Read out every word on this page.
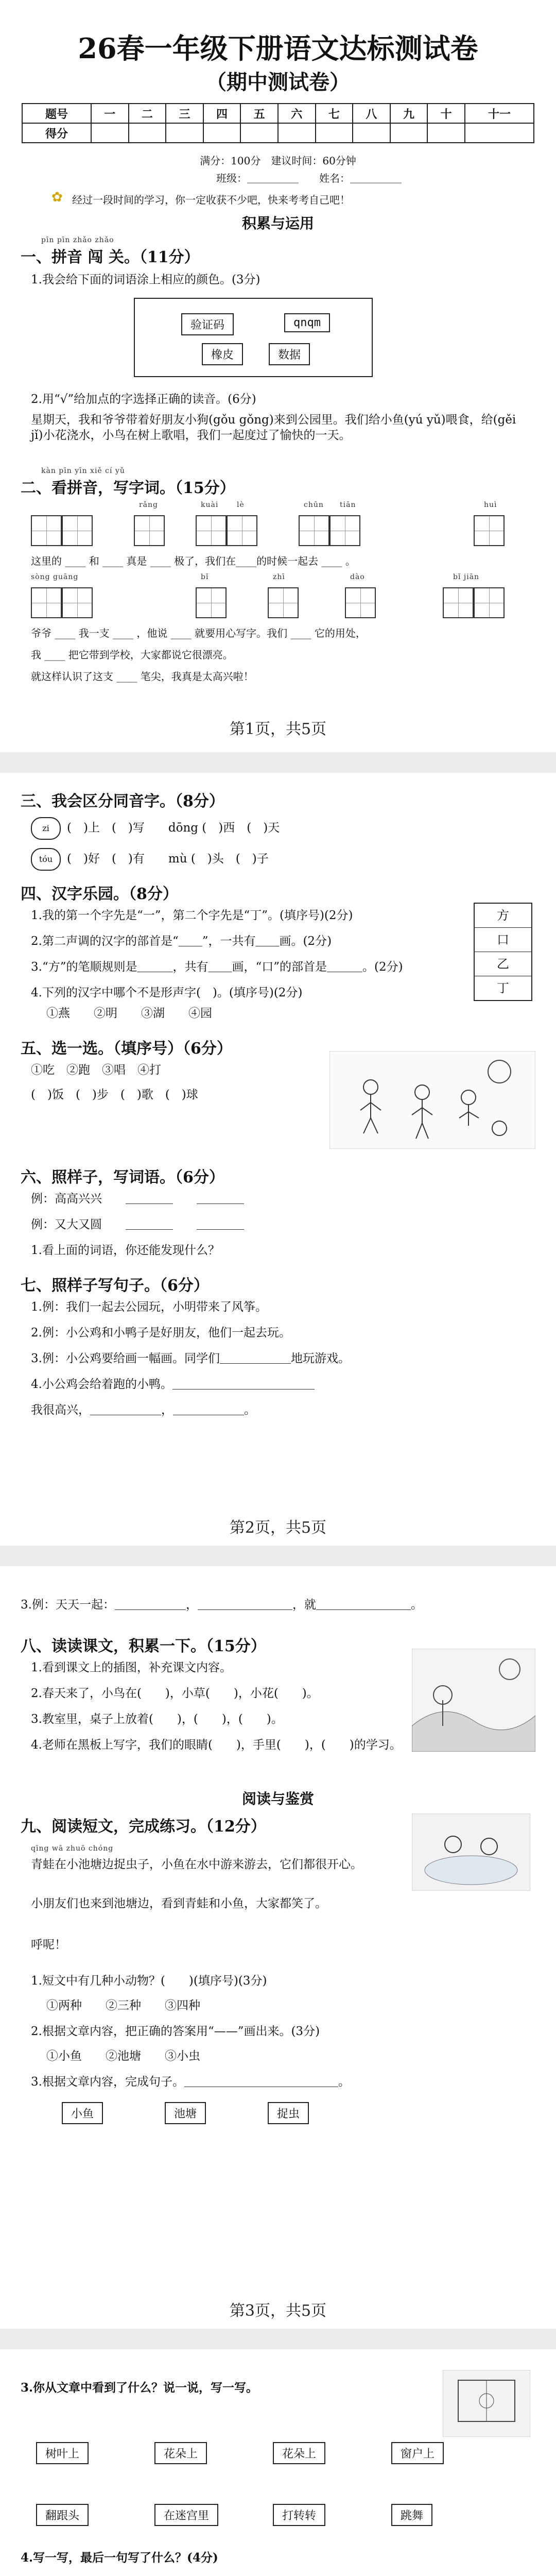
26春一年级下册语文达标测试卷
（期中测试卷）
题号	一	二	三	四	五	六	七	八	九	十	十一
得分											
满分：100分　建议时间：60分钟
班级：＿＿＿＿＿　　姓名：＿＿＿＿＿
✿ 经过一段时间的学习，你一定收获不少吧，快来考考自己吧！
积累与运用
pīn pīn zhǎo zhǎo
一、拼音 闯 关。（11分）
1.我会给下面的词语涂上相应的颜色。(3分)
验证码	qnqm
橡皮	数据
2.用“√”给加点的字选择正确的读音。(6分)
星期天，我和爷爷带着好朋友小狗(gǒu gǒng)来到公园里。我们给小鱼(yú yǔ)喂食，给(gěi jǐ)小花浇水，小鸟在树上歌唱，我们一起度过了愉快的一天。
kàn pīn yīn xiě cí yǔ
二、看拼音，写字词。（15分）
rǎng	kuài	lè	chūn tiān	huì
这里的 ____ 和 ____ 真是 ____ 极了，我们在____的时候一起去 ____ 。
sòng guāng	bǐ	zhī	dào	bǐ jiān
爷爷 ____ 我一支 ____ ，他说 ____ 就要用心写字。我们 ____ 它的用处，
我 ____ 把它带到学校，大家都说它很漂亮。
就这样认识了这支 ____ 笔尖，我真是太高兴啦！
第1页，共5页
三、我会区分同音字。（8分）
zi	(　)上　(　)写　　dōng (　)西　(　)天
tóu	(　)好　(　)有　　mù (　)头　(　)子
四、汉字乐园。（8分）
1.我的第一个字先是“一”，第二个字先是“丁”。(填序号)(2分)
2.第二声调的汉字的部首是“＿＿”，一共有＿＿画。(2分)
3.“方”的笔顺规则是＿＿＿，共有＿＿画，“口”的部首是＿＿＿。(2分)
4.下列的汉字中哪个不是形声字(　)。(填序号)(2分)
①燕　　②明　　③湖　　④园
方
口
乙
丁
五、选一选。（填序号）（6分）
①吃　②跑　③唱　④打
(　)饭　(　)步　(　)歌　(　)球
六、照样子，写词语。（6分）
例：高高兴兴　　＿＿＿＿　　＿＿＿＿
例：又大又圆　　＿＿＿＿　　＿＿＿＿
1.看上面的词语，你还能发现什么？
七、照样子写句子。（6分）
1.例：我们一起去公园玩，小明带来了风筝。
2.例：小公鸡和小鸭子是好朋友，他们一起去玩。
3.例：小公鸡要给画一幅画。同学们＿＿＿＿＿＿地玩游戏。
4.小公鸡会给着跑的小鸭。＿＿＿＿＿＿＿＿＿＿＿＿
我很高兴，＿＿＿＿＿＿，＿＿＿＿＿＿。
第2页，共5页
3.例：天天一起：＿＿＿＿＿＿，＿＿＿＿＿＿＿＿，就＿＿＿＿＿＿＿＿。
八、读读课文，积累一下。（15分）
1.看到课文上的插图，补充课文内容。
2.春天来了，小鸟在(　　)，小草(　　)，小花(　　)。
3.教室里，桌子上放着(　　)，(　　)，(　　)。
4.老师在黑板上写字，我们的眼睛(　　)，手里(　　)，(　　)的学习。
阅读与鉴赏
九、阅读短文，完成练习。（12分）
qīng wā zhuō chóng
青蛙在小池塘边捉虫子，小鱼在水中游来游去，它们都很开心。
小朋友们也来到池塘边，看到青蛙和小鱼，大家都笑了。
呼呢！
1.短文中有几种小动物？(　　)(填序号)(3分)
①两种　　②三种　　③四种
2.根据文章内容，把正确的答案用“——”画出来。(3分)
①小鱼　　②池塘　　③小虫
3.根据文章内容，完成句子。＿＿＿＿＿＿＿＿＿＿＿＿＿。
小鱼	池塘	捉虫
第3页，共5页
3.你从文章中看到了什么？说一说，写一写。
树叶上	花朵上	花朵上	窗户上
翻跟头	在迷宫里	打转转	跳舞
4.写一写，最后一句写了什么？(4分)
